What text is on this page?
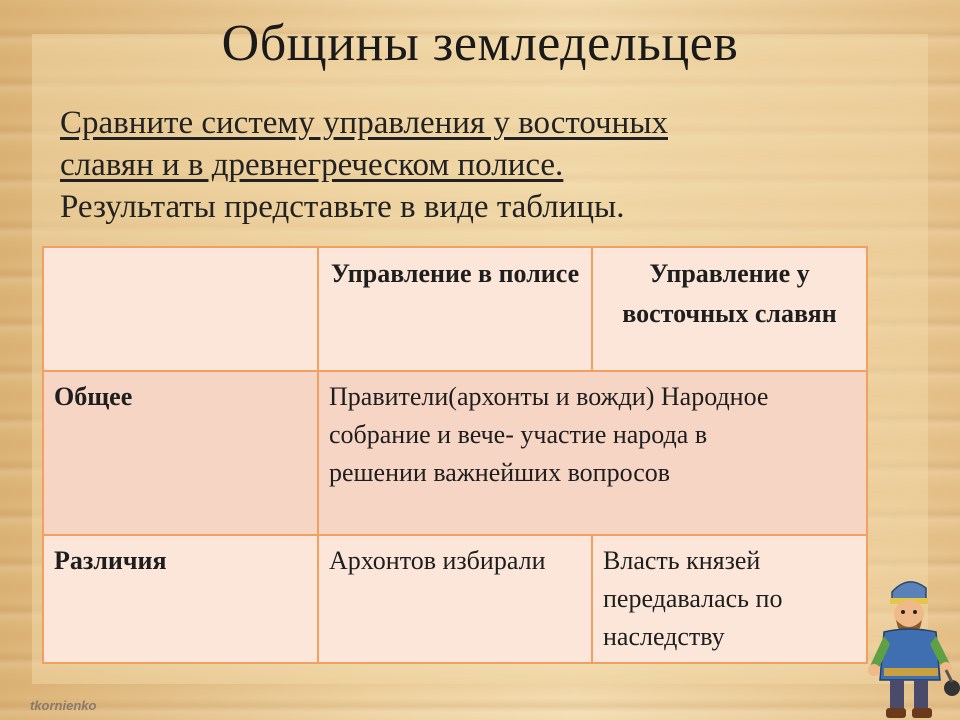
Общины земледельцев
Сравните систему управления у восточных
славян и в древнегреческом полисе.
Результаты представьте в виде таблицы.
	Управление в полисе	Управление у восточных славян
Общее	Правители(архонты и вожди) Народное собрание и вече- участие народа в решении важнейших вопросов	
Различия	Архонтов избирали	Власть князей передавалась по наследству
tkornienko
